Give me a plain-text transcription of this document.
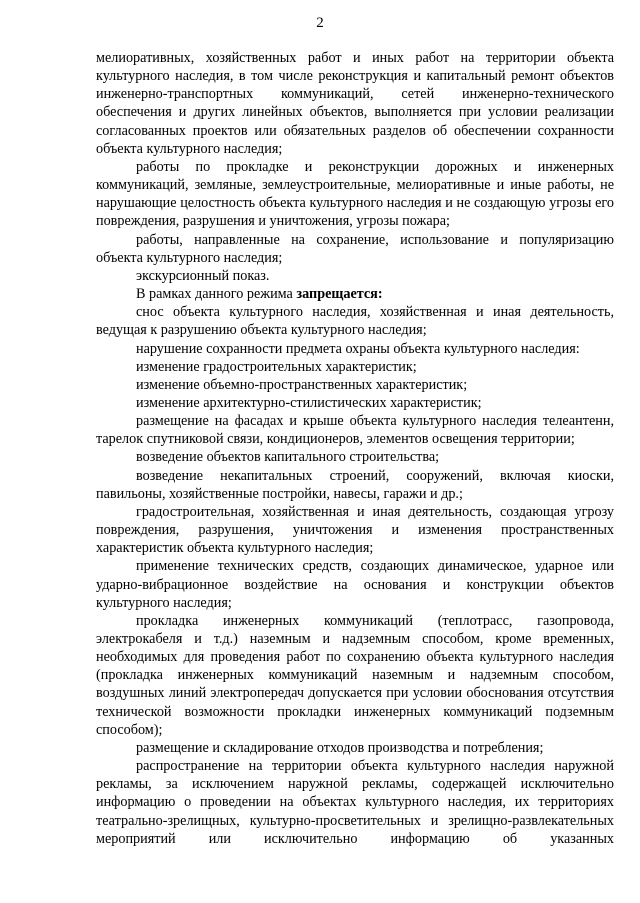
2

мелиоративных, хозяйственных работ и иных работ на территории объекта культурного наследия, в том числе реконструкция и капитальный ремонт объектов инженерно-транспортных коммуникаций, сетей инженерно-технического обеспечения и других линейных объектов, выполняется при условии реализации согласованных проектов или обязательных разделов об обеспечении сохранности объекта культурного наследия;

работы по прокладке и реконструкции дорожных и инженерных коммуникаций, земляные, землеустроительные, мелиоративные и иные работы, не нарушающие целостность объекта культурного наследия и не создающую угрозы его повреждения, разрушения и уничтожения, угрозы пожара;

работы, направленные на сохранение, использование и популяризацию объекта культурного наследия;

экскурсионный показ.

В рамках данного режима запрещается:

снос объекта культурного наследия, хозяйственная и иная деятельность, ведущая к разрушению объекта культурного наследия;

нарушение сохранности предмета охраны объекта культурного наследия:

изменение градостроительных характеристик;

изменение объемно-пространственных характеристик;

изменение архитектурно-стилистических характеристик;

размещение на фасадах и крыше объекта культурного наследия телеантенн, тарелок спутниковой связи, кондиционеров, элементов освещения территории;

возведение объектов капитального строительства;

возведение некапитальных строений, сооружений, включая киоски, павильоны, хозяйственные постройки, навесы, гаражи и др.;

градостроительная, хозяйственная и иная деятельность, создающая угрозу повреждения, разрушения, уничтожения и изменения пространственных характеристик объекта культурного наследия;

применение технических средств, создающих динамическое, ударное или ударно-вибрационное воздействие на основания и конструкции объектов культурного наследия;

прокладка инженерных коммуникаций (теплотрасс, газопровода, электрокабеля и т.д.) наземным и надземным способом, кроме временных, необходимых для проведения работ по сохранению объекта культурного наследия (прокладка инженерных коммуникаций наземным и надземным способом, воздушных линий электропередач допускается при условии обоснования отсутствия технической возможности прокладки инженерных коммуникаций подземным способом);

размещение и складирование отходов производства и потребления;

распространение на территории объекта культурного наследия наружной рекламы, за исключением наружной рекламы, содержащей исключительно информацию о проведении на объектах культурного наследия, их территориях театрально-зрелищных, культурно-просветительных и зрелищно-развлекательных мероприятий или исключительно информацию об указанных
